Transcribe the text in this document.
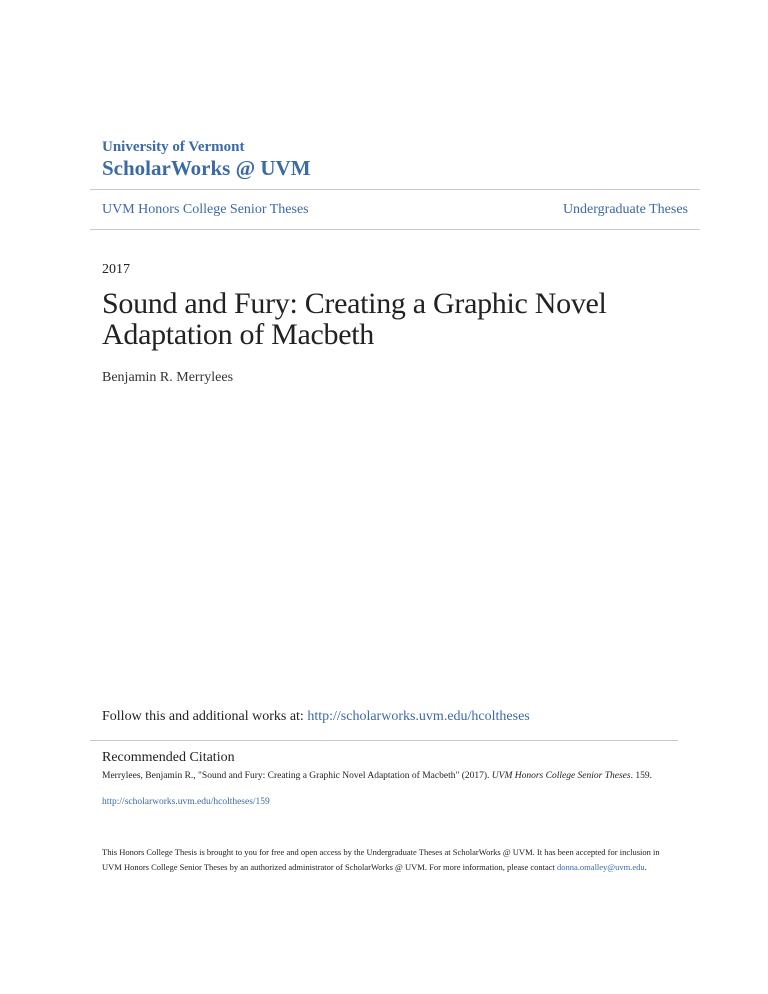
University of Vermont
ScholarWorks @ UVM
UVM Honors College Senior Theses	Undergraduate Theses
2017
Sound and Fury: Creating a Graphic Novel
Adaptation of Macbeth
Benjamin R. Merrylees
Follow this and additional works at: http://scholarworks.uvm.edu/hcoltheses
Recommended Citation
Merrylees, Benjamin R., "Sound and Fury: Creating a Graphic Novel Adaptation of Macbeth" (2017). UVM Honors College Senior Theses. 159.
http://scholarworks.uvm.edu/hcoltheses/159
This Honors College Thesis is brought to you for free and open access by the Undergraduate Theses at ScholarWorks @ UVM. It has been accepted for inclusion in UVM Honors College Senior Theses by an authorized administrator of ScholarWorks @ UVM. For more information, please contact donna.omalley@uvm.edu.
